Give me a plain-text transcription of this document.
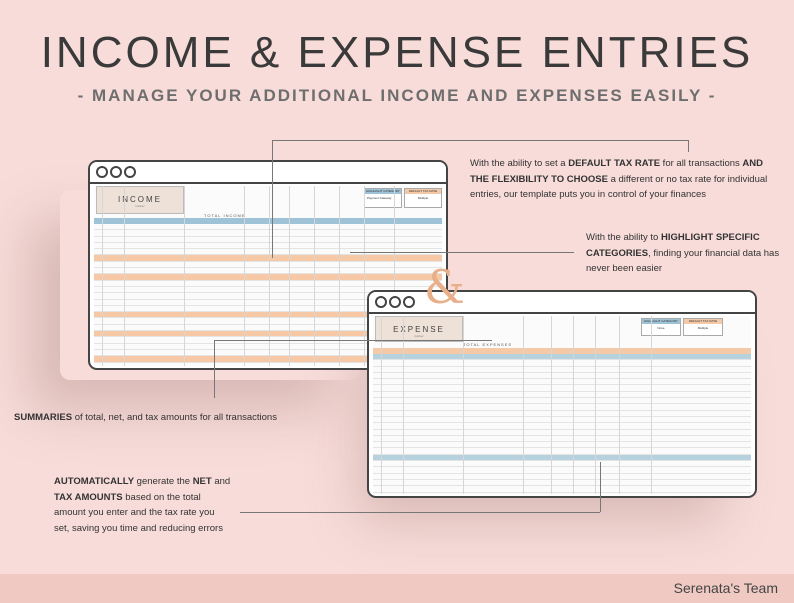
INCOME & EXPENSE ENTRIES
- MANAGE YOUR ADDITIONAL INCOME AND EXPENSES EASILY -
INCOME
tracker
HIGHLIGHT CATEGORY
Payment Gateway
DEFAULT TAX RATE
Multiple
TOTAL INCOME
EXPENSE
tracker
HIGHLIGHT CATEGORY
None
DEFAULT TAX RATE
Multiple
TOTAL EXPENSES
&
With the ability to set a DEFAULT TAX RATE for all transactions AND THE FLEXIBILITY TO CHOOSE a different or no tax rate for individual entries, our template puts you in control of your finances
With the ability to HIGHLIGHT SPECIFIC CATEGORIES, finding your financial data has never been easier
SUMMARIES of total, net, and tax amounts for all transactions
AUTOMATICALLY generate the NET and TAX AMOUNTS based on the total amount you enter and the tax rate you set, saving you time and reducing errors
Serenata's Team
